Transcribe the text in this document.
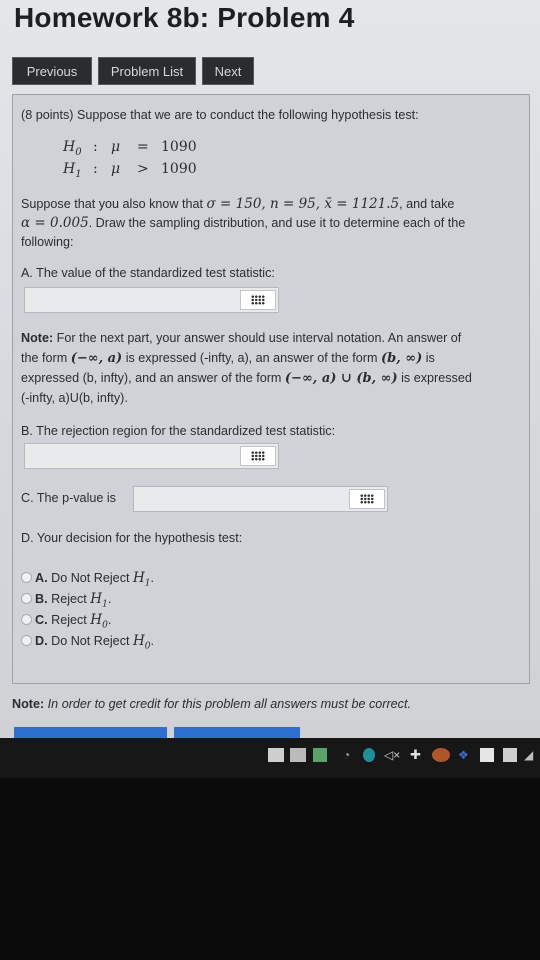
Homework 8b: Problem 4
Previous	Problem List	Next
(8 points) Suppose that we are to conduct the following hypothesis test:
$H_0$ : μ = 1090
$H_1$ : μ > 1090
Suppose that you also know that σ = 150, n = 95, x̄ = 1121.5, and take
α = 0.005. Draw the sampling distribution, and use it to determine each of the
following:
A. The value of the standardized test statistic:
Note: For the next part, your answer should use interval notation. An answer of
the form (−∞, a) is expressed (-infty, a), an answer of the form (b, ∞) is
expressed (b, infty), and an answer of the form (−∞, a) ∪ (b, ∞) is expressed
(-infty, a)U(b, infty).
B. The rejection region for the standardized test statistic:
C. The p-value is
D. Your decision for the hypothesis test:
A. Do Not Reject $H_1$.
B. Reject $H_1$.
C. Reject $H_0$.
D. Do Not Reject $H_0$.
Note: In order to get credit for this problem all answers must be correct.
◔	◁× ✚	❖	◢
